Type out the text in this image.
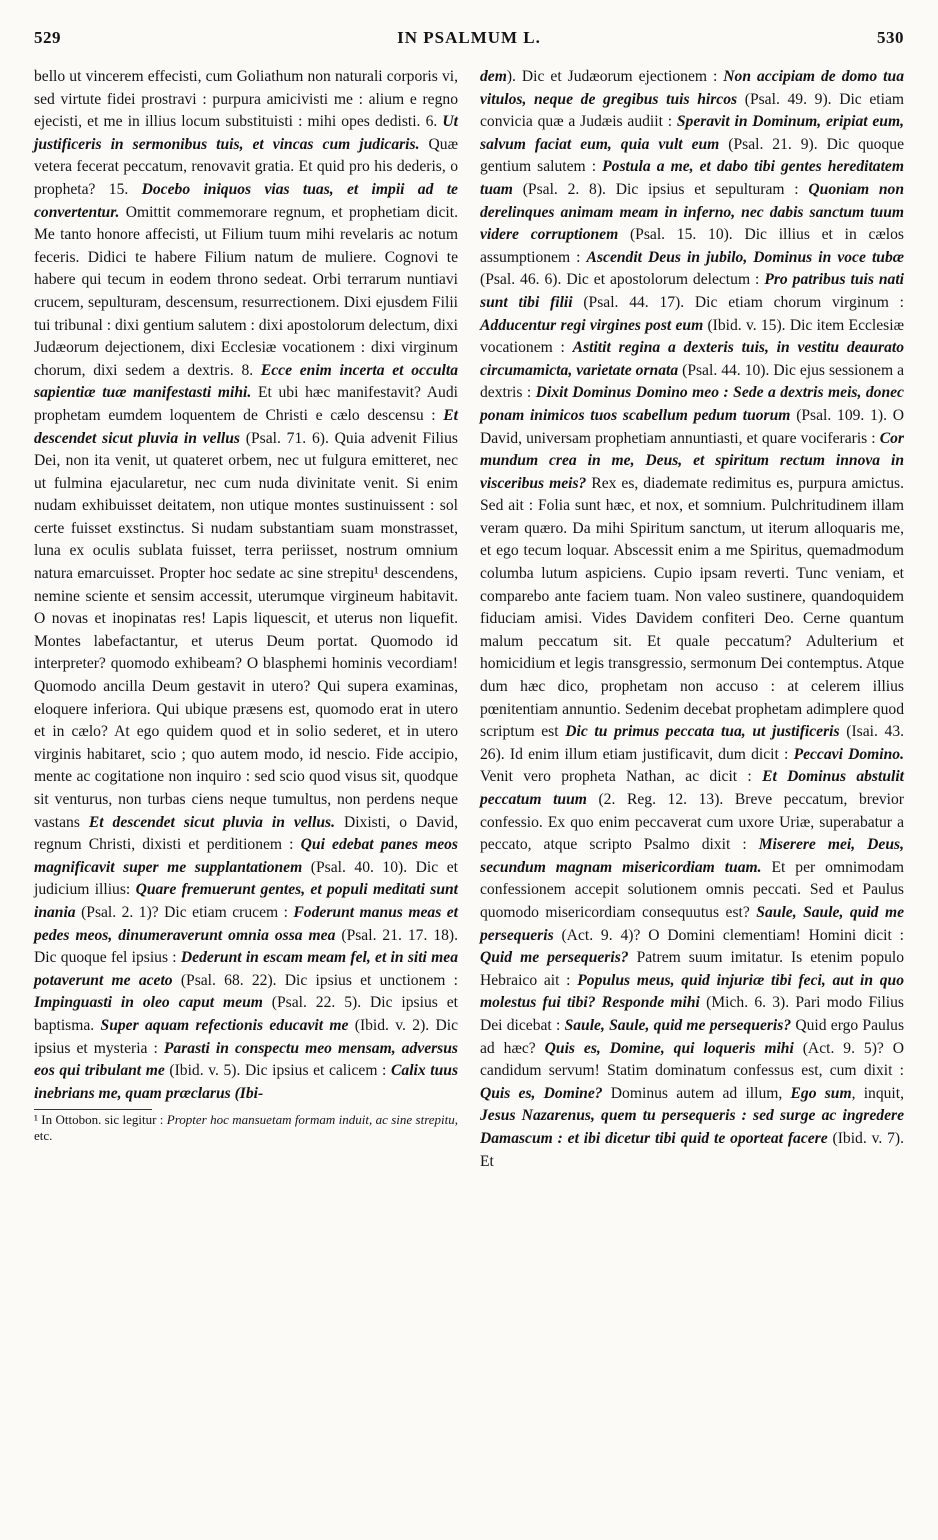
529	IN PSALMUM L.	530

bello ut vincerem effecisti, cum Goliathum non naturali corporis vi, sed virtute fidei prostravi : purpura amicivisti me : alium e regno ejecisti, et me in illius locum substituisti : mihi opes dedisti. 6. Ut justificeris in sermonibus tuis, et vincas cum judicaris. Quæ vetera fecerat peccatum, renovavit gratia. Et quid pro his dederis, o propheta? 15. Docebo iniquos vias tuas, et impii ad te convertentur. Omittit commemorare regnum, et prophetiam dicit. Me tanto honore affecisti, ut Filium tuum mihi revelaris ac notum feceris. Didici te habere Filium natum de muliere. Cognovi te habere qui tecum in eodem throno sedeat. Orbi terrarum nuntiavi crucem, sepulturam, descensum, resurrectionem. Dixi ejusdem Filii tui tribunal : dixi gentium salutem : dixi apostolorum delectum, dixi Judæorum dejectionem, dixi Ecclesiæ vocationem : dixi virginum chorum, dixi sedem a dextris. 8. Ecce enim incerta et occulta sapientiæ tuæ manifestasti mihi. Et ubi hæc manifestavit? Audi prophetam eumdem loquentem de Christi e cælo descensu : Et descendet sicut pluvia in vellus (Psal. 71. 6). Quia advenit Filius Dei, non ita venit, ut quateret orbem, nec ut fulgura emitteret, nec ut fulmina ejacularetur, nec cum nuda divinitate venit. Si enim nudam exhibuisset deitatem, non utique montes sustinuissent : sol certe fuisset exstinctus. Si nudam substantiam suam monstrasset, luna ex oculis sublata fuisset, terra periisset, nostrum omnium natura emarcuisset. Propter hoc sedate ac sine strepitu¹ descendens, nemine sciente et sensim accessit, uterumque virgineum habitavit. O novas et inopinatas res! Lapis liquescit, et uterus non liquefit. Montes labefactantur, et uterus Deum portat. Quomodo id interpreter? quomodo exhibeam? O blasphemi hominis vecordiam! Quomodo ancilla Deum gestavit in utero? Qui supera examinas, eloquere inferiora. Qui ubique præsens est, quomodo erat in utero et in cælo? At ego quidem quod et in solio sederet, et in utero virginis habitaret, scio ; quo autem modo, id nescio. Fide accipio, mente ac cogitatione non inquiro : sed scio quod visus sit, quodque sit venturus, non turbas ciens neque tumultus, non perdens neque vastans Et descendet sicut pluvia in vellus. Dixisti, o David, regnum Christi, dixisti et perditionem : Qui edebat panes meos magnificavit super me supplantationem (Psal. 40. 10). Dic et judicium illius: Quare fremuerunt gentes, et populi meditati sunt inania (Psal. 2. 1)? Dic etiam crucem : Foderunt manus meas et pedes meos, dinumeraverunt omnia ossa mea (Psal. 21. 17. 18). Dic quoque fel ipsius : Dederunt in escam meam fel, et in siti mea potaverunt me aceto (Psal. 68. 22). Dic ipsius et unctionem : Impinguasti in oleo caput meum (Psal. 22. 5). Dic ipsius et baptisma. Super aquam refectionis educavit me (Ibid. v. 2). Dic ipsius et mysteria : Parasti in conspectu meo mensam, adversus eos qui tribulant me (Ibid. v. 5). Dic ipsius et calicem : Calix tuus inebrians me, quam præclarus (Ibi-

¹ In Ottobon. sic legitur : Propter hoc mansuetam formam induit, ac sine strepitu, etc.

dem). Dic et Judæorum ejectionem : Non accipiam de domo tua vitulos, neque de gregibus tuis hircos (Psal. 49. 9). Dic etiam convicia quæ a Judæis audiit : Speravit in Dominum, eripiat eum, salvum faciat eum, quia vult eum (Psal. 21. 9). Dic quoque gentium salutem : Postula a me, et dabo tibi gentes hereditatem tuam (Psal. 2. 8). Dic ipsius et sepulturam : Quoniam non derelinques animam meam in inferno, nec dabis sanctum tuum videre corruptionem (Psal. 15. 10). Dic illius et in cælos assumptionem : Ascendit Deus in jubilo, Dominus in voce tubæ (Psal. 46. 6). Dic et apostolorum delectum : Pro patribus tuis nati sunt tibi filii (Psal. 44. 17). Dic etiam chorum virginum : Adducentur regi virgines post eum (Ibid. v. 15). Dic item Ecclesiæ vocationem : Astitit regina a dexteris tuis, in vestitu deaurato circumamicta, varietate ornata (Psal. 44. 10). Dic ejus sessionem a dextris : Dixit Dominus Domino meo : Sede a dextris meis, donec ponam inimicos tuos scabellum pedum tuorum (Psal. 109. 1). O David, universam prophetiam annuntiasti, et quare vociferaris : Cor mundum crea in me, Deus, et spiritum rectum innova in visceribus meis? Rex es, diademate redimitus es, purpura amictus. Sed ait : Folia sunt hæc, et nox, et somnium. Pulchritudinem illam veram quæro. Da mihi Spiritum sanctum, ut iterum alloquaris me, et ego tecum loquar. Abscessit enim a me Spiritus, quemadmodum columba lutum aspiciens. Cupio ipsam reverti. Tunc veniam, et comparebo ante faciem tuam. Non valeo sustinere, quandoquidem fiduciam amisi. Vides Davidem confiteri Deo. Cerne quantum malum peccatum sit. Et quale peccatum? Adulterium et homicidium et legis transgressio, sermonum Dei contemptus. Atque dum hæc dico, prophetam non accuso : at celerem illius pœnitentiam annuntio. Sedenim decebat prophetam adimplere quod scriptum est Dic tu primus peccata tua, ut justificeris (Isai. 43. 26). Id enim illum etiam justificavit, dum dicit : Peccavi Domino. Venit vero propheta Nathan, ac dicit : Et Dominus abstulit peccatum tuum (2. Reg. 12. 13). Breve peccatum, brevior confessio. Ex quo enim peccaverat cum uxore Uriæ, superabatur a peccato, atque scripto Psalmo dixit : Miserere mei, Deus, secundum magnam misericordiam tuam. Et per omnimodam confessionem accepit solutionem omnis peccati. Sed et Paulus quomodo misericordiam consequutus est? Saule, Saule, quid me persequeris (Act. 9. 4)? O Domini clementiam! Homini dicit : Quid me persequeris? Patrem suum imitatur. Is etenim populo Hebraico ait : Populus meus, quid injuriæ tibi feci, aut in quo molestus fui tibi? Responde mihi (Mich. 6. 3). Pari modo Filius Dei dicebat : Saule, Saule, quid me persequeris? Quid ergo Paulus ad hæc? Quis es, Domine, qui loqueris mihi (Act. 9. 5)? O candidum servum! Statim dominatum confessus est, cum dixit : Quis es, Domine? Dominus autem ad illum, Ego sum, inquit, Jesus Nazarenus, quem tu persequeris : sed surge ac ingredere Damascum : et ibi dicetur tibi quid te oporteat facere (Ibid. v. 7). Et
